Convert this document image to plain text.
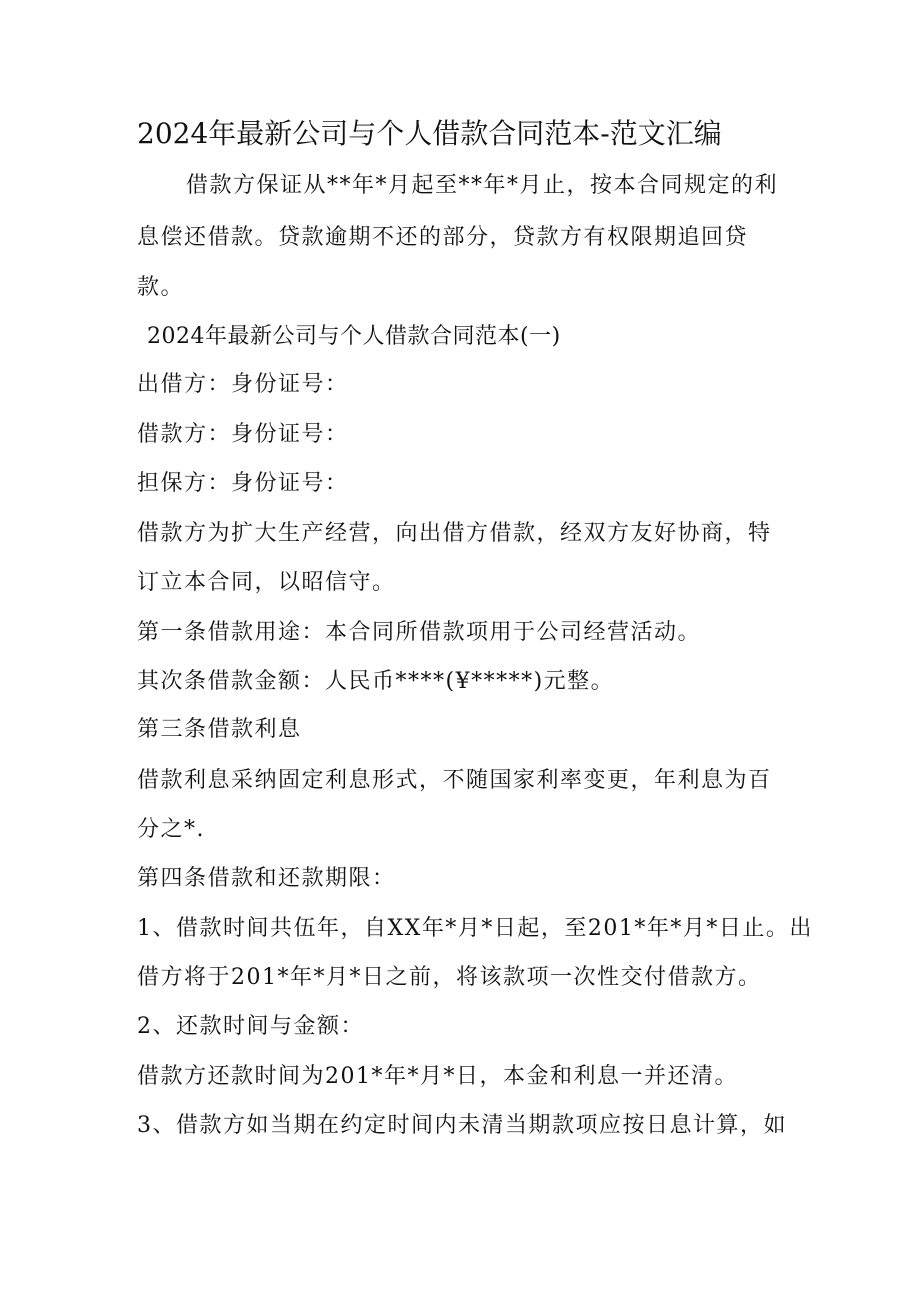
2024年最新公司与个人借款合同范本-范文汇编
借款方保证从**年*月起至**年*月止，按本合同规定的利
息偿还借款。贷款逾期不还的部分，贷款方有权限期追回贷
款。
2024年最新公司与个人借款合同范本(一)
出借方：身份证号：
借款方：身份证号：
担保方：身份证号：
借款方为扩大生产经营，向出借方借款，经双方友好协商，特
订立本合同，以昭信守。
第一条借款用途：本合同所借款项用于公司经营活动。
其次条借款金额：人民币****(¥*****)元整。
第三条借款利息
借款利息采纳固定利息形式，不随国家利率变更，年利息为百
分之*.
第四条借款和还款期限：
1、借款时间共伍年，自XX年*月*日起，至201*年*月*日止。出
借方将于201*年*月*日之前，将该款项一次性交付借款方。
2、还款时间与金额：
借款方还款时间为201*年*月*日，本金和利息一并还清。
3、借款方如当期在约定时间内未清当期款项应按日息计算，如
